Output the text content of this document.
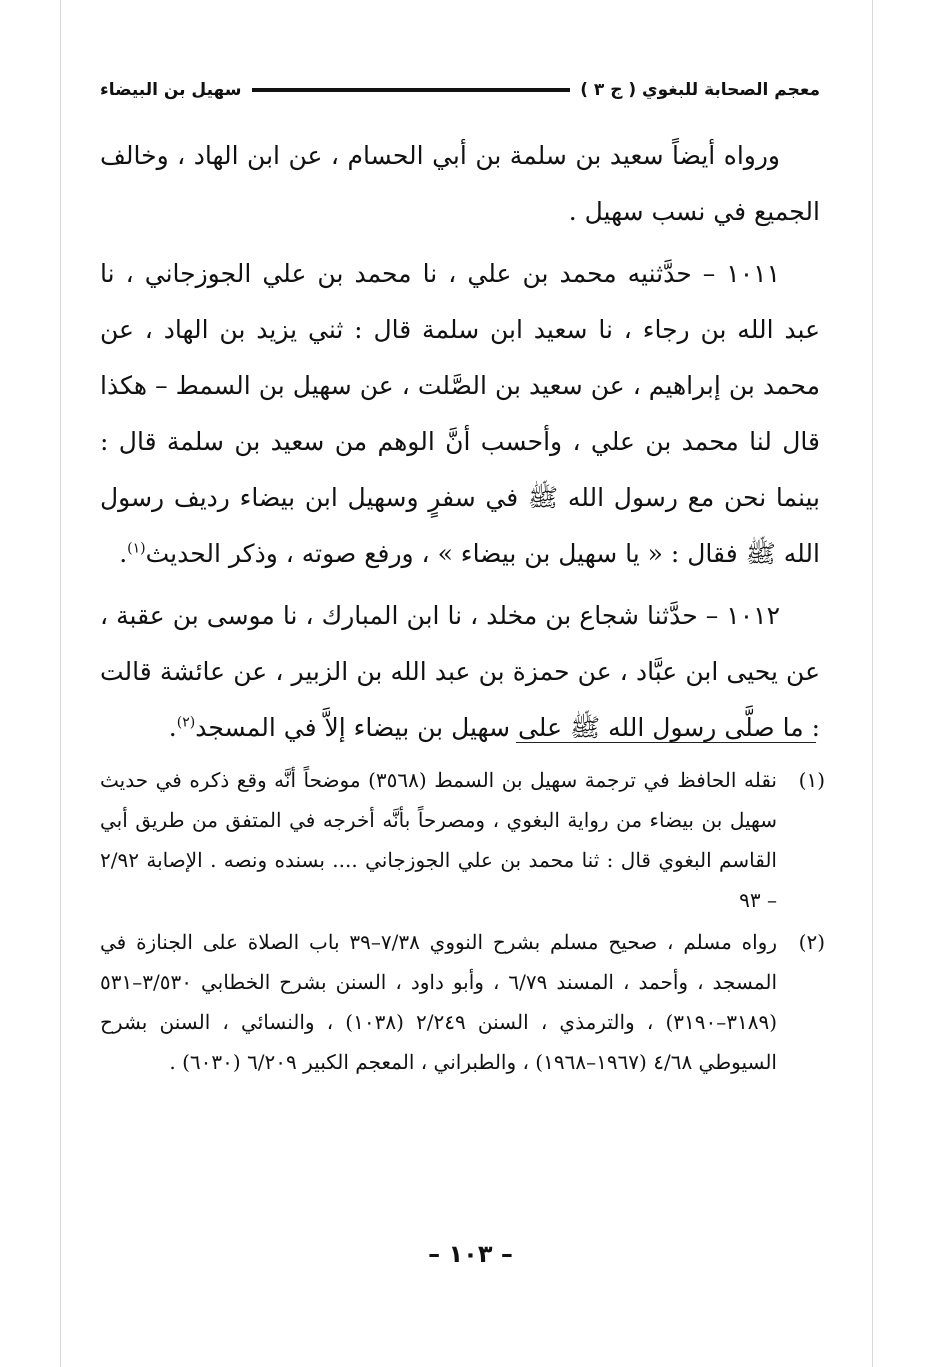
معجم الصحابة للبغوي ( ج ٣ )
سهيل بن البيضاء

ورواه أيضاً سعيد بن سلمة بن أبي الحسام ، عن ابن الهاد ، وخالف الجميع في نسب سهيل .

١٠١١ – حدَّثنيه محمد بن علي ، نا محمد بن علي الجوزجاني ، نا عبد الله بن رجاء ، نا سعيد ابن سلمة قال : ثني يزيد بن الهاد ، عن محمد بن إبراهيم ، عن سعيد بن الصَّلت ، عن سهيل بن السمط – هكذا قال لنا محمد بن علي ، وأحسب أنَّ الوهم من سعيد بن سلمة قال : بينما نحن مع رسول الله ﷺ في سفرٍ وسهيل ابن بيضاء رديف رسول الله ﷺ فقال : « يا سهيل بن بيضاء » ، ورفع صوته ، وذكر الحديث$^{(١)}$.

١٠١٢ – حدَّثنا شجاع بن مخلد ، نا ابن المبارك ، نا موسى بن عقبة ، عن يحيى ابن عبَّاد ، عن حمزة بن عبد الله بن الزبير ، عن عائشة قالت : ما صلَّى رسول الله ﷺ على سهيل بن بيضاء إلاَّ في المسجد$^{(٢)}$.

(١)
نقله الحافظ في ترجمة سهيل بن السمط (٣٥٦٨) موضحاً أنَّه وقع ذكره في حديث سهيل بن بيضاء من رواية البغوي ، ومصرحاً بأنَّه أخرجه في المتفق من طريق أبي القاسم البغوي قال : ثنا محمد بن علي الجوزجاني .... بسنده ونصه . الإصابة ٢/٩٢ – ٩٣
(٢)
رواه مسلم ، صحيح مسلم بشرح النووي ٧/٣٨–٣٩ باب الصلاة على الجنازة في المسجد ، وأحمد ، المسند ٦/٧٩ ، وأبو داود ، السنن بشرح الخطابي ٣/٥٣٠–٥٣١ (٣١٨٩–٣١٩٠) ، والترمذي ، السنن ٢/٢٤٩ (١٠٣٨) ، والنسائي ، السنن بشرح السيوطي ٤/٦٨ (١٩٦٧–١٩٦٨) ، والطبراني ، المعجم الكبير ٦/٢٠٩ (٦٠٣٠) .
– ١٠٣ –
